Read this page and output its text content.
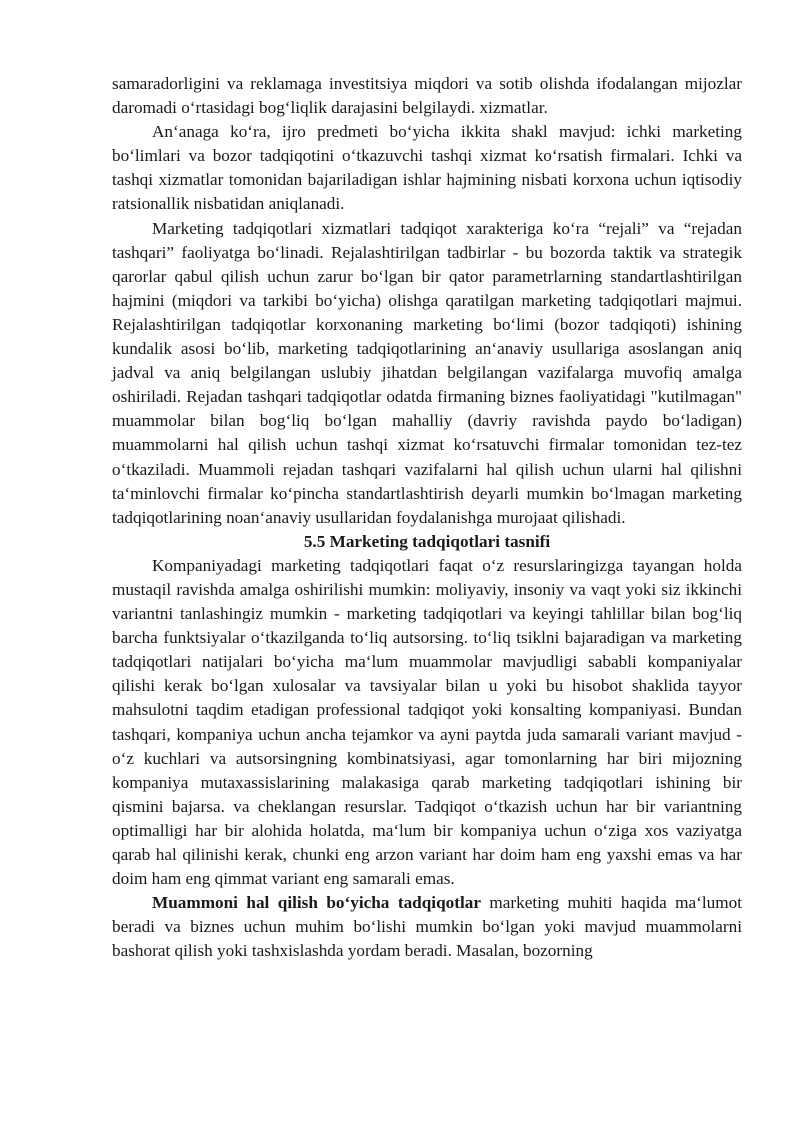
samaradorligini va reklamaga investitsiya miqdori va sotib olishda ifodalangan mijozlar daromadi o‘rtasidagi bog‘liqlik darajasini belgilaydi. xizmatlar.

An‘anaga ko‘ra, ijro predmeti bo‘yicha ikkita shakl mavjud: ichki marketing bo‘limlari va bozor tadqiqotini o‘tkazuvchi tashqi xizmat ko‘rsatish firmalari. Ichki va tashqi xizmatlar tomonidan bajariladigan ishlar hajmining nisbati korxona uchun iqtisodiy ratsionallik nisbatidan aniqlanadi.

Marketing tadqiqotlari xizmatlari tadqiqot xarakteriga ko‘ra “rejali” va “rejadan tashqari” faoliyatga bo‘linadi. Rejalashtirilgan tadbirlar - bu bozorda taktik va strategik qarorlar qabul qilish uchun zarur bo‘lgan bir qator parametrlarning standartlashtirilgan hajmini (miqdori va tarkibi bo‘yicha) olishga qaratilgan marketing tadqiqotlari majmui. Rejalashtirilgan tadqiqotlar korxonaning marketing bo‘limi (bozor tadqiqoti) ishining kundalik asosi bo‘lib, marketing tadqiqotlarining an‘anaviy usullariga asoslangan aniq jadval va aniq belgilangan uslubiy jihatdan belgilangan vazifalarga muvofiq amalga oshiriladi. Rejadan tashqari tadqiqotlar odatda firmaning biznes faoliyatidagi "kutilmagan" muammolar bilan bog‘liq bo‘lgan mahalliy (davriy ravishda paydo bo‘ladigan) muammolarni hal qilish uchun tashqi xizmat ko‘rsatuvchi firmalar tomonidan tez-tez o‘tkaziladi. Muammoli rejadan tashqari vazifalarni hal qilish uchun ularni hal qilishni ta‘minlovchi firmalar ko‘pincha standartlashtirish deyarli mumkin bo‘lmagan marketing tadqiqotlarining noan‘anaviy usullaridan foydalanishga murojaat qilishadi.

5.5 Marketing tadqiqotlari tasnifi

Kompaniyadagi marketing tadqiqotlari faqat o‘z resurslaringizga tayangan holda mustaqil ravishda amalga oshirilishi mumkin: moliyaviy, insoniy va vaqt yoki siz ikkinchi variantni tanlashingiz mumkin - marketing tadqiqotlari va keyingi tahlillar bilan bog‘liq barcha funktsiyalar o‘tkazilganda to‘liq autsorsing. to‘liq tsiklni bajaradigan va marketing tadqiqotlari natijalari bo‘yicha ma‘lum muammolar mavjudligi sababli kompaniyalar qilishi kerak bo‘lgan xulosalar va tavsiyalar bilan u yoki bu hisobot shaklida tayyor mahsulotni taqdim etadigan professional tadqiqot yoki konsalting kompaniyasi. Bundan tashqari, kompaniya uchun ancha tejamkor va ayni paytda juda samarali variant mavjud - o‘z kuchlari va autsorsingning kombinatsiyasi, agar tomonlarning har biri mijozning kompaniya mutaxassislarining malakasiga qarab marketing tadqiqotlari ishining bir qismini bajarsa. va cheklangan resurslar. Tadqiqot o‘tkazish uchun har bir variantning optimalligi har bir alohida holatda, ma‘lum bir kompaniya uchun o‘ziga xos vaziyatga qarab hal qilinishi kerak, chunki eng arzon variant har doim ham eng yaxshi emas va har doim ham eng qimmat variant eng samarali emas.

Muammoni hal qilish bo‘yicha tadqiqotlar marketing muhiti haqida ma‘lumot beradi va biznes uchun muhim bo‘lishi mumkin bo‘lgan yoki mavjud muammolarni bashorat qilish yoki tashxislashda yordam beradi. Masalan, bozorning
